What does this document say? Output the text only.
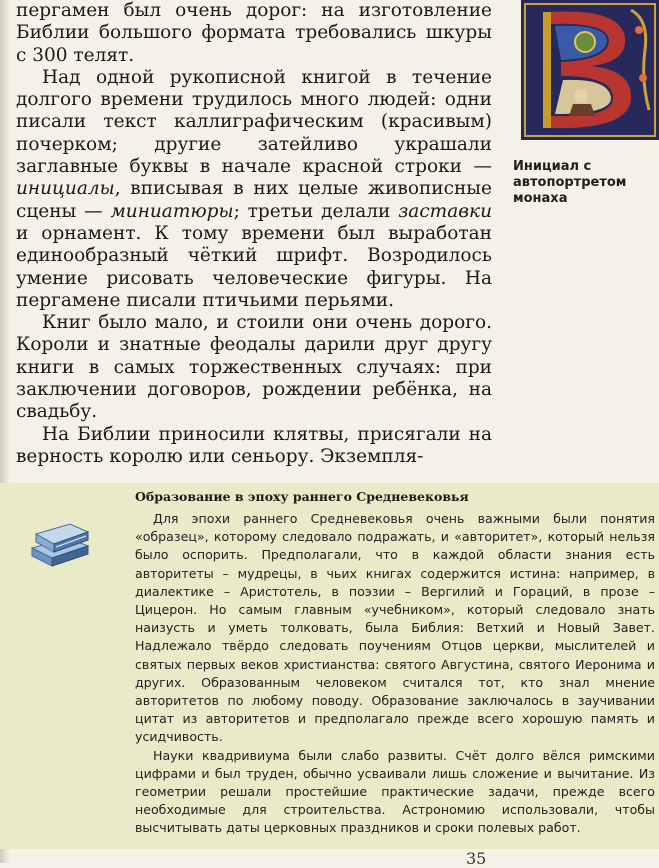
пергамен был очень дорог: на изготовление Библии большого формата требовались шкуры с 300 телят.

Над одной рукописной книгой в течение долгого времени трудилось много людей: одни писали текст каллиграфическим (красивым) почерком; другие затейливо украшали заглавные буквы в начале красной строки — инициалы, вписывая в них целые живописные сцены — миниатюры; третьи делали заставки и орнамент. К тому времени был выработан единообразный чёткий шрифт. Возродилось умение рисовать человеческие фигуры. На пергамене писали птичьими перьями.

Книг было мало, и стоили они очень дорого. Короли и знатные феодалы дарили друг другу книги в самых торжественных случаях: при заключении договоров, рождении ребёнка, на свадьбу.

На Библии приносили клятвы, присягали на верность королю или сеньору. Экземпля-

Инициал с автопортретом монаха
Образование в эпоху раннего Средневековья

Для эпохи раннего Средневековья очень важными были понятия «образец», которому следовало подражать, и «авторитет», который нельзя было оспорить. Предполагали, что в каждой области знания есть авторитеты – мудрецы, в чьих книгах содержится истина: например, в диалектике – Аристотель, в поэзии – Вергилий и Гораций, в прозе – Цицерон. Но самым главным «учебником», который следовало знать наизусть и уметь толковать, была Библия: Ветхий и Новый Завет. Надлежало твёрдо следовать поучениям Отцов церкви, мыслителей и святых первых веков христианства: святого Августина, святого Иеронима и других. Образованным человеком считался тот, кто знал мнение авторитетов по любому поводу. Образование заключалось в заучивании цитат из авторитетов и предполагало прежде всего хорошую память и усидчивость.

Науки квадривиума были слабо развиты. Счёт долго вёлся римскими цифрами и был труден, обычно усваивали лишь сложение и вычитание. Из геометрии решали простейшие практические задачи, прежде всего необходимые для строительства. Астрономию использовали, чтобы высчитывать даты церковных праздников и сроки полевых работ.

35
